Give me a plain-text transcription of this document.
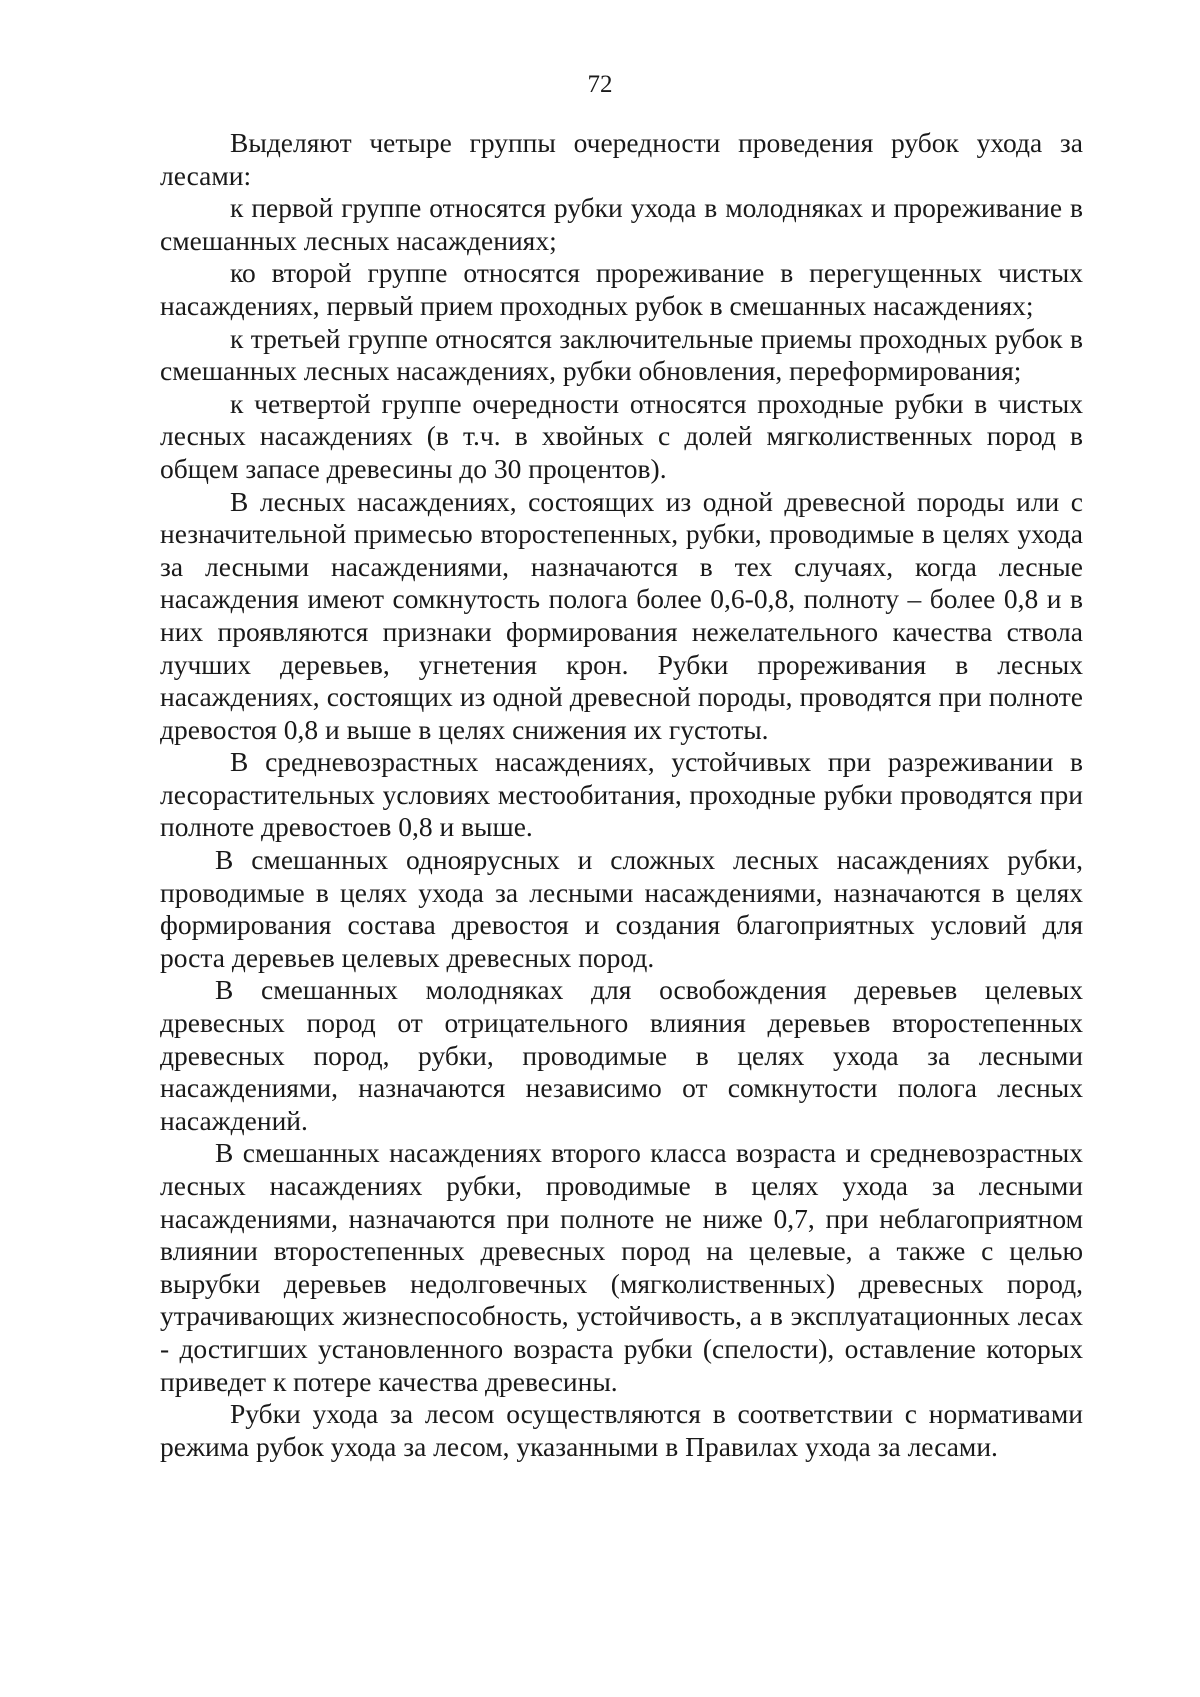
72

Выделяют четыре группы очередности проведения рубок ухода за лесами:

к первой группе относятся рубки ухода в молодняках и прореживание в смешанных лесных насаждениях;

ко второй группе относятся прореживание в перегущенных чистых насаждениях, первый прием проходных рубок в смешанных насаждениях;

к третьей группе относятся заключительные приемы проходных рубок в смешанных лесных насаждениях, рубки обновления, переформирования;

к четвертой группе очередности относятся проходные рубки в чистых лесных насаждениях (в т.ч. в хвойных с долей мягколиственных пород в общем запасе древесины до 30 процентов).

В лесных насаждениях, состоящих из одной древесной породы или с незначительной примесью второстепенных, рубки, проводимые в целях ухода за лесными насаждениями, назначаются в тех случаях, когда лесные насаждения имеют сомкнутость полога более 0,6-0,8, полноту – более 0,8 и в них проявляются признаки формирования нежелательного качества ствола лучших деревьев, угнетения крон. Рубки прореживания в лесных насаждениях, состоящих из одной древесной породы, проводятся при полноте древостоя 0,8 и выше в целях снижения их густоты.

В средневозрастных насаждениях, устойчивых при разреживании в лесорастительных условиях местообитания, проходные рубки проводятся при полноте древостоев 0,8 и выше.

В смешанных одноярусных и сложных лесных насаждениях рубки, проводимые в целях ухода за лесными насаждениями, назначаются в целях формирования состава древостоя и создания благоприятных условий для роста деревьев целевых древесных пород.

В смешанных молодняках для освобождения деревьев целевых древесных пород от отрицательного влияния деревьев второстепенных древесных пород, рубки, проводимые в целях ухода за лесными насаждениями, назначаются независимо от сомкнутости полога лесных насаждений.

В смешанных насаждениях второго класса возраста и средневозрастных лесных насаждениях рубки, проводимые в целях ухода за лесными насаждениями, назначаются при полноте не ниже 0,7, при неблагоприятном влиянии второстепенных древесных пород на целевые, а также с целью вырубки деревьев недолговечных (мягколиственных) древесных пород, утрачивающих жизнеспособность, устойчивость, а в эксплуатационных лесах - достигших установленного возраста рубки (спелости), оставление которых приведет к потере качества древесины.

Рубки ухода за лесом осуществляются в соответствии с нормативами режима рубок ухода за лесом, указанными в Правилах ухода за лесами.
